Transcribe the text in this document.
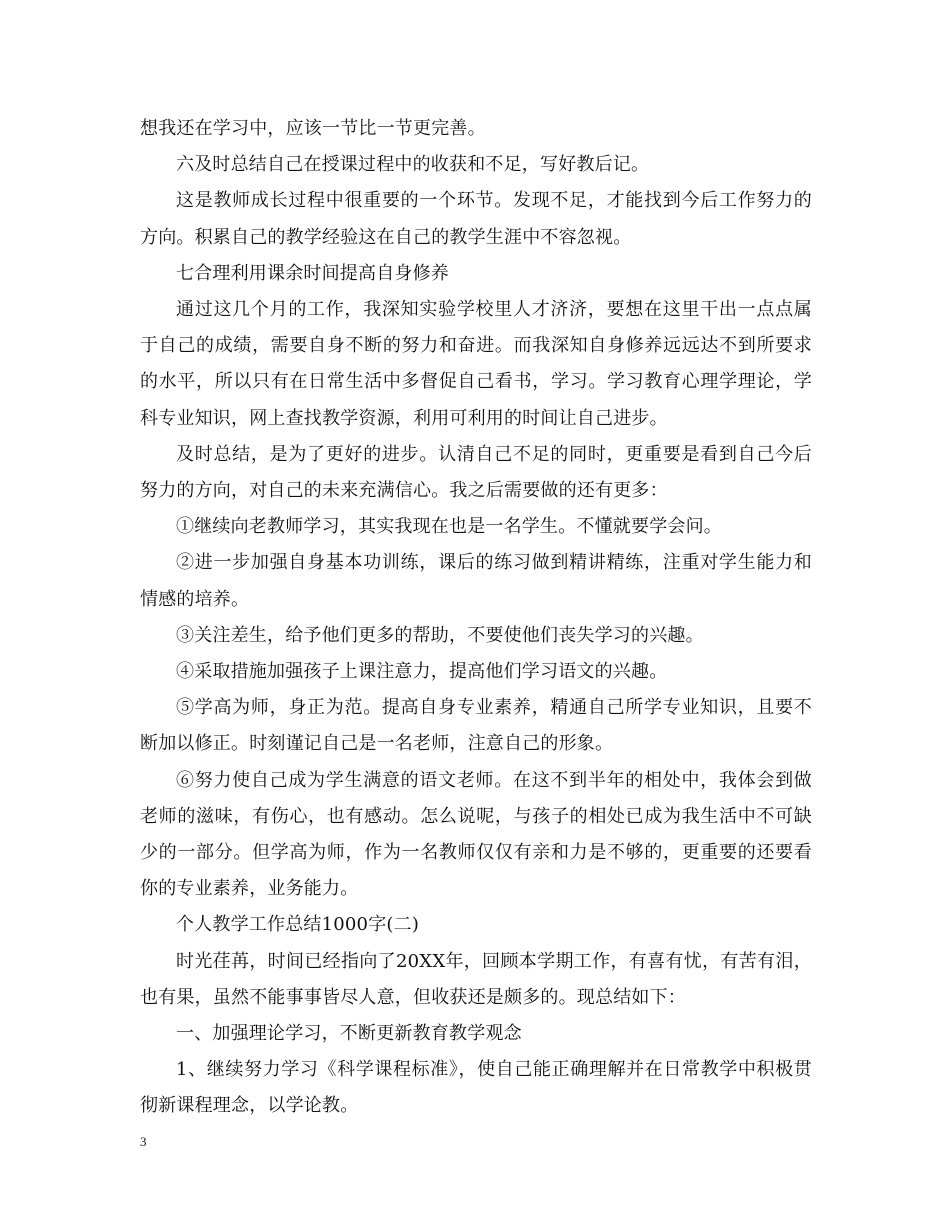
想我还在学习中，应该一节比一节更完善。

六及时总结自己在授课过程中的收获和不足，写好教后记。

这是教师成长过程中很重要的一个环节。发现不足，才能找到今后工作努力的方向。积累自己的教学经验这在自己的教学生涯中不容忽视。

七合理利用课余时间提高自身修养

通过这几个月的工作，我深知实验学校里人才济济，要想在这里干出一点点属于自己的成绩，需要自身不断的努力和奋进。而我深知自身修养远远达不到所要求的水平，所以只有在日常生活中多督促自己看书，学习。学习教育心理学理论，学科专业知识，网上查找教学资源，利用可利用的时间让自己进步。

及时总结，是为了更好的进步。认清自己不足的同时，更重要是看到自己今后努力的方向，对自己的未来充满信心。我之后需要做的还有更多：

①继续向老教师学习，其实我现在也是一名学生。不懂就要学会问。

②进一步加强自身基本功训练，课后的练习做到精讲精练，注重对学生能力和情感的培养。

③关注差生，给予他们更多的帮助，不要使他们丧失学习的兴趣。

④采取措施加强孩子上课注意力，提高他们学习语文的兴趣。

⑤学高为师，身正为范。提高自身专业素养，精通自己所学专业知识，且要不断加以修正。时刻谨记自己是一名老师，注意自己的形象。

⑥努力使自己成为学生满意的语文老师。在这不到半年的相处中，我体会到做老师的滋味，有伤心，也有感动。怎么说呢，与孩子的相处已成为我生活中不可缺少的一部分。但学高为师，作为一名教师仅仅有亲和力是不够的，更重要的还要看你的专业素养，业务能力。

个人教学工作总结1000字(二)

时光荏苒，时间已经指向了20XX年，回顾本学期工作，有喜有忧，有苦有泪，也有果，虽然不能事事皆尽人意，但收获还是颇多的。现总结如下：

一、加强理论学习，不断更新教育教学观念

1、继续努力学习《科学课程标准》，使自己能正确理解并在日常教学中积极贯彻新课程理念，以学论教。

3
